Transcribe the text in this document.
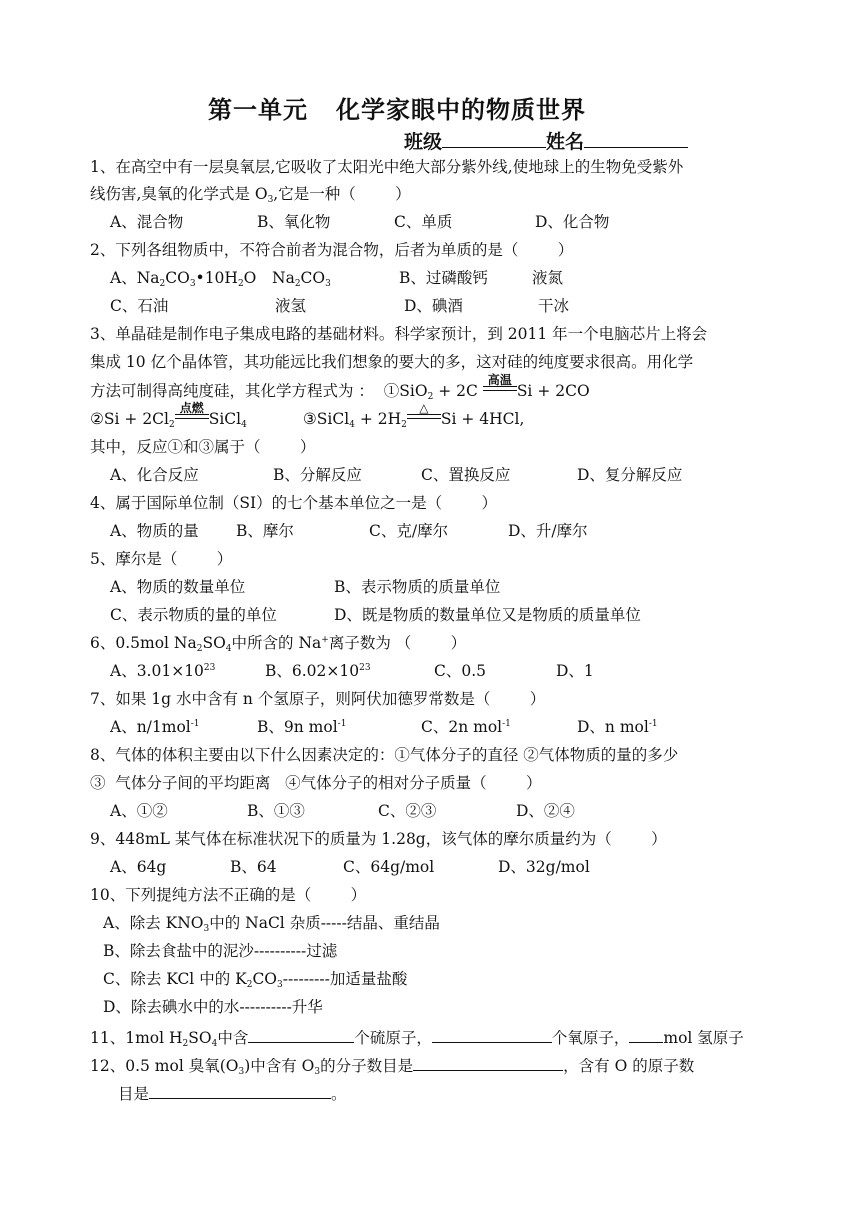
第一单元 化学家眼中的物质世界
班级	姓名
1、在高空中有一层臭氧层,它吸收了太阳光中绝大部分紫外线,使地球上的生物免受紫外
线伤害,臭氧的化学式是 $O_3$,它是一种（        ）
A、混合物	B、氧化物	C、单质	D、化合物
2、下列各组物质中，不符合前者为混合物，后者为单质的是（        ）
A、$Na_2CO_3•10H_2O$ $Na_2CO_3$	B、过磷酸钙	液氮
C、石油	液氢	D、碘酒	干冰
3、单晶硅是制作电子集成电路的基础材料。科学家预计，到 2011 年一个电脑芯片上将会
集成 10 亿个晶体管，其功能远比我们想象的要大的多，这对硅的纯度要求很高。用化学
方法可制得高纯度硅，其化学方程式为 ：  ①SiO$_2$ + 2C
高温
Si + 2CO
②Si + $2Cl_2$
点燃
SiCl$_4$	③SiCl$_4$ + $2H_2$
△
Si + 4HCl,
其中，反应①和③属于（        ）
A、化合反应	B、分解反应	C、置换反应	D、复分解反应
4、属于国际单位制（SI）的七个基本单位之一是（        ）
A、物质的量 B、摩尔	C、克/摩尔	D、升/摩尔
5、摩尔是（        ）
A、物质的数量单位	B、表示物质的质量单位
C、表示物质的量的单位	D、既是物质的数量单位又是物质的质量单位
6、0.5mol $Na_2SO_4$中所含的 Na+离子数为 （        ）
A、$3.01\times 10^{23}$	B、$6.02\times 10^{23}$	C、0.5	D、1
7、如果 1g 水中含有 n 个氢原子，则阿伏加德罗常数是（        ）
A、n/1mol$^{-1}$	B、9n mol$^{-1}$	C、2n mol$^{-1}$	D、n mol$^{-1}$
8、气体的体积主要由以下什么因素决定的：①气体分子的直径 ②气体物质的量的多少
③  气体分子间的平均距离   ④气体分子的相对分子质量（        ）
A、①②	B、①③	C、②③	D、②④
9、448mL 某气体在标准状况下的质量为 1.28g，该气体的摩尔质量约为（        ）
A、64g	B、64	C、64g/mol	D、32g/mol
10、下列提纯方法不正确的是（        ）
A、除去 $KNO_3$中的 NaCl 杂质-----结晶、重结晶
B、除去食盐中的泥沙----------过滤
C、除去 KCl 中的 $K_2CO_3---------$加适量盐酸
D、除去碘水中的水----------升华
11、1mol $H_2SO_4$中含	个硫原子，	个氧原子， mol 氢原子
12、0.5 mol 臭氧$(O_3)$中含有 $O_3$的分子数目是	，含有 O 的原子数
目是	。
